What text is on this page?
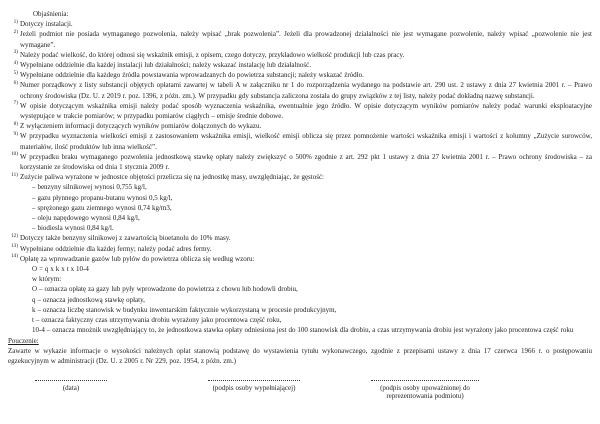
Objaśnienia:
1) Dotyczy instalacji.
2) Jeżeli podmiot nie posiada wymaganego pozwolenia, należy wpisać „brak pozwolenia”. Jeżeli dla prowadzonej działalności nie jest wymagane pozwolenie, należy wpisać „pozwolenie nie jest wymagane”.
3) Należy podać wielkość, do której odnosi się wskaźnik emisji, z opisem, czego dotyczy, przykładowo wielkość produkcji lub czas pracy.
4) Wypełniane oddzielnie dla każdej instalacji lub działalności; należy wskazać instalację lub działalność.
5) Wypełniane oddzielnie dla każdego źródła powstawania wprowadzanych do powietrza substancji; należy wskazać źródło.
6) Numer porządkowy z listy substancji objętych opłatami zawartej w tabeli A w załączniku nr 1 do rozporządzenia wydanego na podstawie art. 290 ust. 2 ustawy z dnia 27 kwietnia 2001 r. – Prawo ochrony środowiska (Dz. U. z 2019 r. poz. 1396, z późn. zm.). W przypadku gdy substancja zaliczona została do grupy związków z tej listy, należy podać dokładną nazwę substancji.
7) W opisie dotyczącym wskaźnika emisji należy podać sposób wyznaczenia wskaźnika, ewentualnie jego źródło. W opisie dotyczącym wyników pomiarów należy podać warunki eksploatacyjne występujące w trakcie pomiarów; w przypadku pomiarów ciągłych – emisje średnie dobowe.
8) Z wyłączeniem informacji dotyczących wyników pomiarów dołączonych do wykazu.
9) W przypadku wyznaczenia wielkości emisji z zastosowaniem wskaźnika emisji, wielkość emisji oblicza się przez pomnożenie wartości wskaźnika emisji i wartości z kolumny „Zużycie surowców, materiałów, ilość produktów lub inna wielkość”.
10) W przypadku braku wymaganego pozwolenia jednostkową stawkę opłaty należy zwiększyć o 500% zgodnie z art. 292 pkt 1 ustawy z dnia 27 kwietnia 2001 r. – Prawo ochrony środowiska – za korzystanie ze środowiska od dnia 1 stycznia 2009 r.
11) Zużycie paliwa wyrażone w jednostce objętości przelicza się na jednostkę masy, uwzględniając, że gęstość:
– benzyny silnikowej wynosi 0,755 kg/l,
– gazu płynnego propanu-butanu wynosi 0,5 kg/l,
– sprężonego gazu ziemnego wynosi 0,74 kg/m3,
– oleju napędowego wynosi 0,84 kg/l,
– biodiesla wynosi 0,84 kg/l.
12) Dotyczy także benzyny silnikowej z zawartością bioetanolu do 10% masy.
13) Wypełniane oddzielnie dla każdej fermy; należy podać adres fermy.
14) Opłatę za wprowadzanie gazów lub pyłów do powietrza oblicza się według wzoru:
O = q x k x t x 10-4
w którym:
O – oznacza opłatę za gazy lub pyły wprowadzone do powietrza z chowu lub hodowli drobiu,
q – oznacza jednostkową stawkę opłaty,
k – oznacza liczbę stanowisk w budynku inwentarskim faktycznie wykorzystaną w procesie produkcyjnym,
t – oznacza faktyczny czas utrzymywania drobiu wyrażony jako procentowa część roku,
10-4 – oznacza mnożnik uwzględniający to, że jednostkowa stawka opłaty odniesiona jest do 100 stanowisk dla drobiu, a czas utrzymywania drobiu jest wyrażony jako procentowa część roku
Pouczenie:
Zawarte w wykazie informacje o wysokości należnych opłat stanowią podstawę do wystawienia tytułu wykonawczego, zgodnie z przepisami ustawy z dnia 17 czerwca 1966 r. o postępowaniu egzekucyjnym w administracji (Dz. U. z 2005 r. Nr 229, poz. 1954, z późn. zm.)
(data)	(podpis osoby wypełniającej)	(podpis osoby upoważnionej do reprezentowania podmiotu)
